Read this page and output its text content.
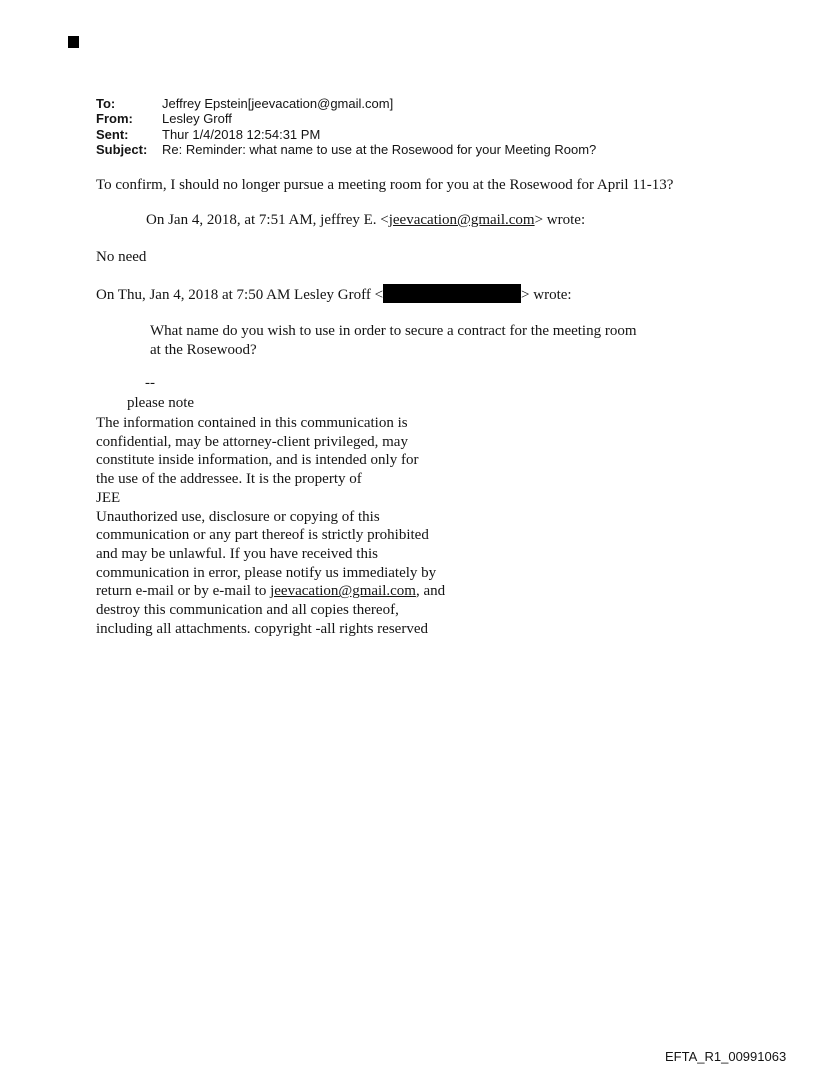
To:	Jeffrey Epstein[jeevacation@gmail.com]
From:	Lesley Groff
Sent:	Thur 1/4/2018 12:54:31 PM
Subject:	Re: Reminder: what name to use at the Rosewood for your Meeting Room?
To confirm, I should no longer pursue a meeting room for you at the Rosewood for April 11-13?
On Jan 4, 2018, at 7:51 AM, jeffrey E. <jeevacation@gmail.com> wrote:
No need
On Thu, Jan 4, 2018 at 7:50 AM Lesley Groff <	> wrote:
What name do you wish to use in order to secure a contract for the meeting room
at the Rosewood?
--
please note
The information contained in this communication is
confidential, may be attorney-client privileged, may
constitute inside information, and is intended only for
the use of the addressee. It is the property of
JEE
Unauthorized use, disclosure or copying of this
communication or any part thereof is strictly prohibited
and may be unlawful. If you have received this
communication in error, please notify us immediately by
return e-mail or by e-mail to jeevacation@gmail.com, and
destroy this communication and all copies thereof,
including all attachments. copyright -all rights reserved
EFTA_R1_00991063
